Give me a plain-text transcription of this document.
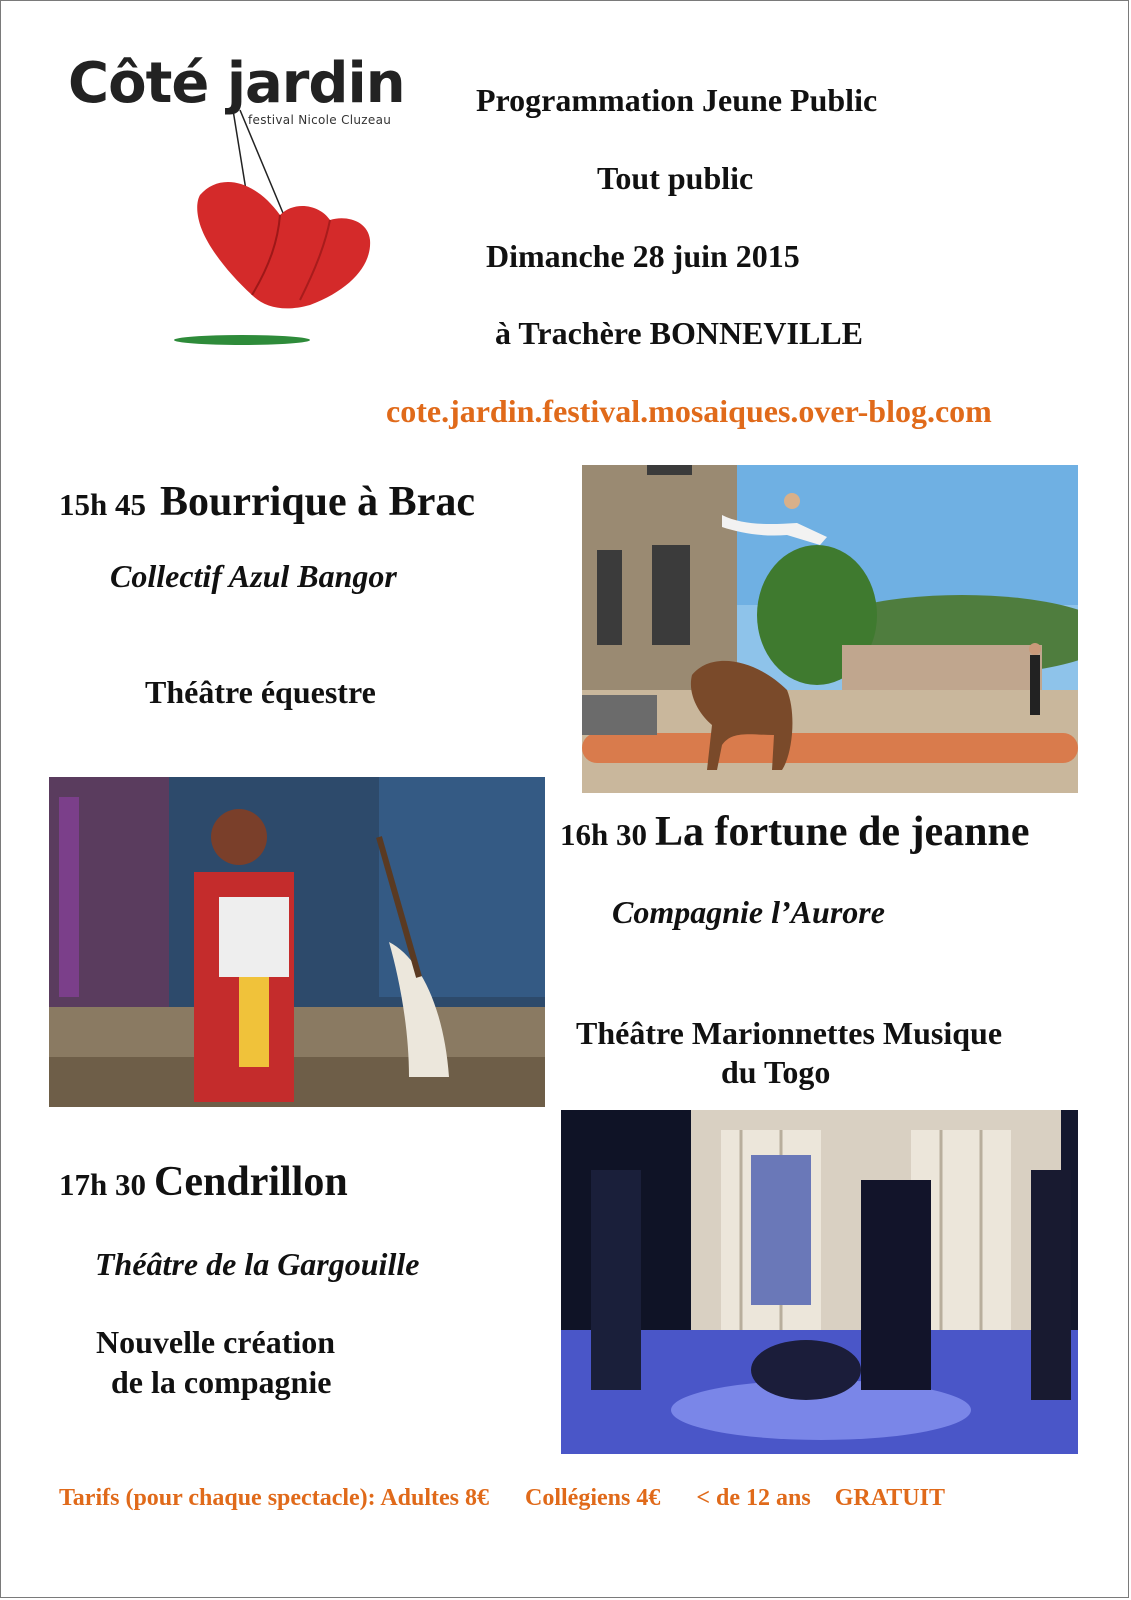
Côté jardin
festival Nicole Cluzeau
Programmation Jeune Public
Tout public
Dimanche 28 juin 2015
à Trachère BONNEVILLE
cote.jardin.festival.mosaiques.over-blog.com
15h 45 Bourrique à Brac
Collectif Azul Bangor
Théâtre équestre
16h 30 La fortune de jeanne
Compagnie l’Aurore
Théâtre Marionnettes Musique
du Togo
17h 30 Cendrillon
Théâtre de la Gargouille
Nouvelle création
de la compagnie
Tarifs (pour chaque spectacle): Adultes 8€ Collégiens 4€ < de 12 ans GRATUIT
